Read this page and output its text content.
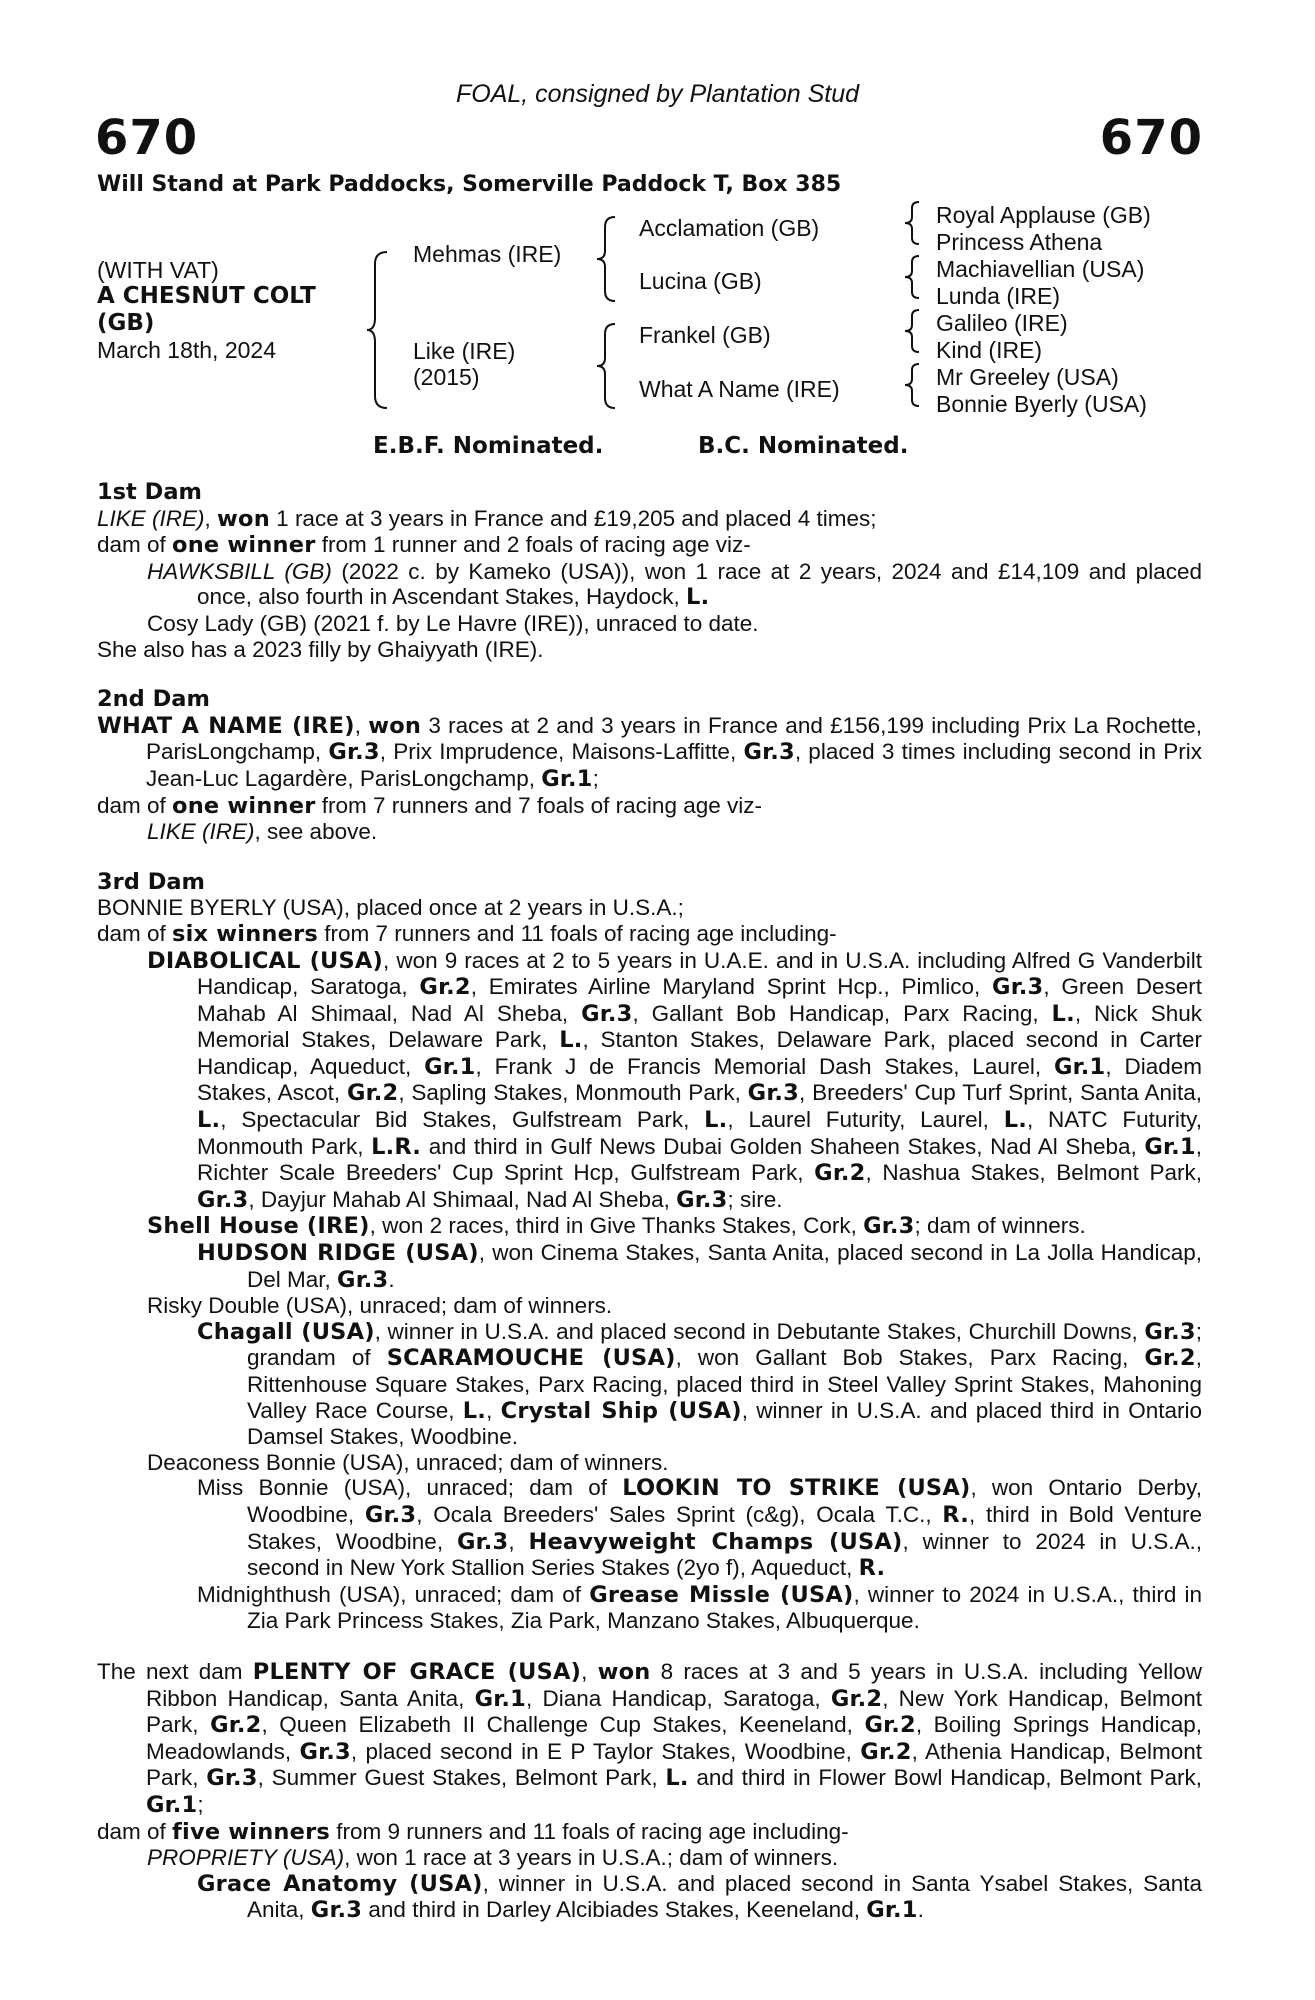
FOAL, consigned by Plantation Stud
670	670
Will Stand at Park Paddocks, Somerville Paddock T, Box 385
(WITH VAT)
A CHESNUT COLT
(GB)
March 18th, 2024
Mehmas (IRE)
Like (IRE)
(2015)
Acclamation (GB)
Lucina (GB)
Frankel (GB)
What A Name (IRE)
Royal Applause (GB)
Princess Athena
Machiavellian (USA)
Lunda (IRE)
Galileo (IRE)
Kind (IRE)
Mr Greeley (USA)
Bonnie Byerly (USA)
E.B.F. Nominated.	B.C. Nominated.
1st Dam
LIKE (IRE), won 1 race at 3 years in France and £19,205 and placed 4 times;
dam of one winner from 1 runner and 2 foals of racing age viz-
HAWKSBILL (GB) (2022 c. by Kameko (USA)), won 1 race at 2 years, 2024 and £14,109 and placed once, also fourth in Ascendant Stakes, Haydock, L.
Cosy Lady (GB) (2021 f. by Le Havre (IRE)), unraced to date.
She also has a 2023 filly by Ghaiyyath (IRE).
2nd Dam
WHAT A NAME (IRE), won 3 races at 2 and 3 years in France and £156,199 including Prix La Rochette, ParisLongchamp, Gr.3, Prix Imprudence, Maisons-Laffitte, Gr.3, placed 3 times including second in Prix Jean-Luc Lagardère, ParisLongchamp, Gr.1;
dam of one winner from 7 runners and 7 foals of racing age viz-
LIKE (IRE), see above.
3rd Dam
BONNIE BYERLY (USA), placed once at 2 years in U.S.A.;
dam of six winners from 7 runners and 11 foals of racing age including-
DIABOLICAL (USA), won 9 races at 2 to 5 years in U.A.E. and in U.S.A. including Alfred G Vanderbilt Handicap, Saratoga, Gr.2, Emirates Airline Maryland Sprint Hcp., Pimlico, Gr.3, Green Desert Mahab Al Shimaal, Nad Al Sheba, Gr.3, Gallant Bob Handicap, Parx Racing, L., Nick Shuk Memorial Stakes, Delaware Park, L., Stanton Stakes, Delaware Park, placed second in Carter Handicap, Aqueduct, Gr.1, Frank J de Francis Memorial Dash Stakes, Laurel, Gr.1, Diadem Stakes, Ascot, Gr.2, Sapling Stakes, Monmouth Park, Gr.3, Breeders' Cup Turf Sprint, Santa Anita, L., Spectacular Bid Stakes, Gulfstream Park, L., Laurel Futurity, Laurel, L., NATC Futurity, Monmouth Park, L.R. and third in Gulf News Dubai Golden Shaheen Stakes, Nad Al Sheba, Gr.1, Richter Scale Breeders' Cup Sprint Hcp, Gulfstream Park, Gr.2, Nashua Stakes, Belmont Park, Gr.3, Dayjur Mahab Al Shimaal, Nad Al Sheba, Gr.3; sire.
Shell House (IRE), won 2 races, third in Give Thanks Stakes, Cork, Gr.3; dam of winners.
HUDSON RIDGE (USA), won Cinema Stakes, Santa Anita, placed second in La Jolla Handicap, Del Mar, Gr.3.
Risky Double (USA), unraced; dam of winners.
Chagall (USA), winner in U.S.A. and placed second in Debutante Stakes, Churchill Downs, Gr.3; grandam of SCARAMOUCHE (USA), won Gallant Bob Stakes, Parx Racing, Gr.2, Rittenhouse Square Stakes, Parx Racing, placed third in Steel Valley Sprint Stakes, Mahoning Valley Race Course, L., Crystal Ship (USA), winner in U.S.A. and placed third in Ontario Damsel Stakes, Woodbine.
Deaconess Bonnie (USA), unraced; dam of winners.
Miss Bonnie (USA), unraced; dam of LOOKIN TO STRIKE (USA), won Ontario Derby, Woodbine, Gr.3, Ocala Breeders' Sales Sprint (c&g), Ocala T.C., R., third in Bold Venture Stakes, Woodbine, Gr.3, Heavyweight Champs (USA), winner to 2024 in U.S.A., second in New York Stallion Series Stakes (2yo f), Aqueduct, R.
Midnighthush (USA), unraced; dam of Grease Missle (USA), winner to 2024 in U.S.A., third in Zia Park Princess Stakes, Zia Park, Manzano Stakes, Albuquerque.
The next dam PLENTY OF GRACE (USA), won 8 races at 3 and 5 years in U.S.A. including Yellow Ribbon Handicap, Santa Anita, Gr.1, Diana Handicap, Saratoga, Gr.2, New York Handicap, Belmont Park, Gr.2, Queen Elizabeth II Challenge Cup Stakes, Keeneland, Gr.2, Boiling Springs Handicap, Meadowlands, Gr.3, placed second in E P Taylor Stakes, Woodbine, Gr.2, Athenia Handicap, Belmont Park, Gr.3, Summer Guest Stakes, Belmont Park, L. and third in Flower Bowl Handicap, Belmont Park, Gr.1;
dam of five winners from 9 runners and 11 foals of racing age including-
PROPRIETY (USA), won 1 race at 3 years in U.S.A.; dam of winners.
Grace Anatomy (USA), winner in U.S.A. and placed second in Santa Ysabel Stakes, Santa Anita, Gr.3 and third in Darley Alcibiades Stakes, Keeneland, Gr.1.
